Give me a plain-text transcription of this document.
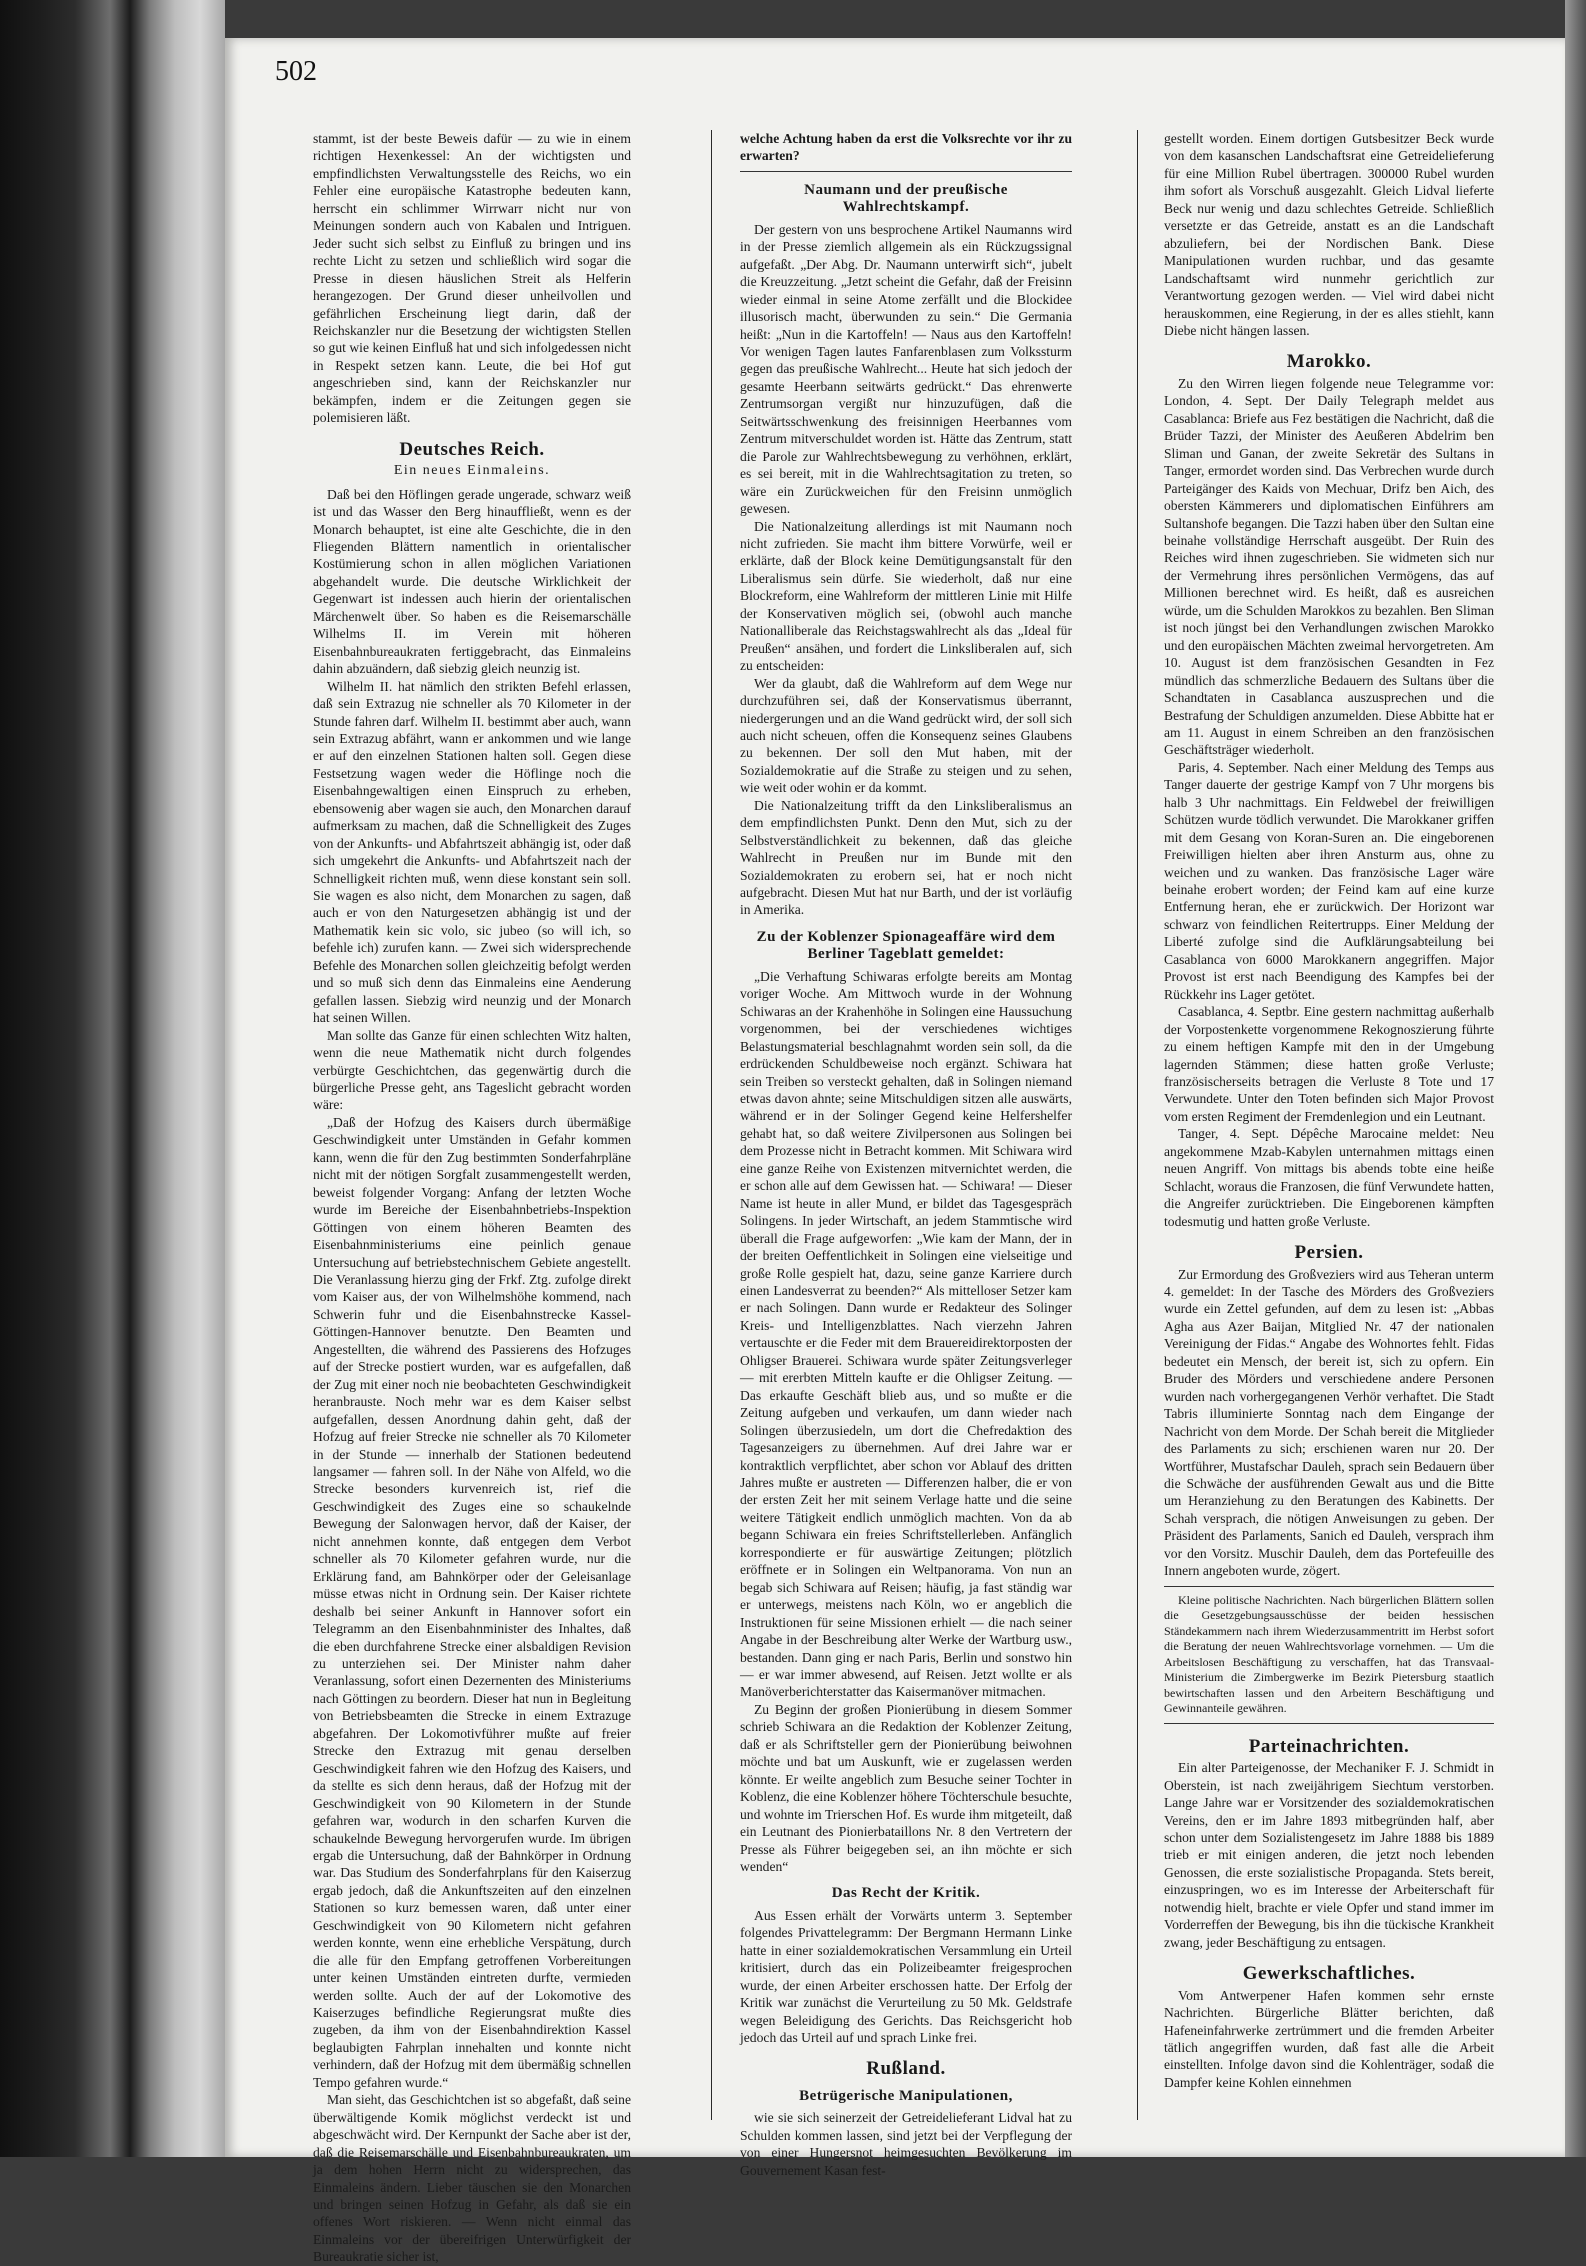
502

stammt, ist der beste Beweis dafür — zu wie in einem richtigen Hexenkessel: An der wichtigsten und empfindlichsten Verwaltungsstelle des Reichs, wo ein Fehler eine europäische Katastrophe bedeuten kann, herrscht ein schlimmer Wirrwarr nicht nur von Meinungen sondern auch von Kabalen und Intriguen. Jeder sucht sich selbst zu Einfluß zu bringen und ins rechte Licht zu setzen und schließlich wird sogar die Presse in diesen häuslichen Streit als Helferin herangezogen. Der Grund dieser unheilvollen und gefährlichen Erscheinung liegt darin, daß der Reichskanzler nur die Besetzung der wichtigsten Stellen so gut wie keinen Einfluß hat und sich infolgedessen nicht in Respekt setzen kann. Leute, die bei Hof gut angeschrieben sind, kann der Reichskanzler nur bekämpfen, indem er die Zeitungen gegen sie polemisieren läßt.

Deutsches Reich.
Ein neues Einmaleins.

Daß bei den Höflingen gerade ungerade, schwarz weiß ist und das Wasser den Berg hinauffließt, wenn es der Monarch behauptet, ist eine alte Geschichte, die in den Fliegenden Blättern namentlich in orientalischer Kostümierung schon in allen möglichen Variationen abgehandelt wurde. Die deutsche Wirklichkeit der Gegenwart ist indessen auch hierin der orientalischen Märchenwelt über. So haben es die Reisemarschälle Wilhelms II. im Verein mit höheren Eisenbahnbureaukraten fertiggebracht, das Einmaleins dahin abzuändern, daß siebzig gleich neunzig ist.

Wilhelm II. hat nämlich den strikten Befehl erlassen, daß sein Extrazug nie schneller als 70 Kilometer in der Stunde fahren darf. Wilhelm II. bestimmt aber auch, wann sein Extrazug abfährt, wann er ankommen und wie lange er auf den einzelnen Stationen halten soll. Gegen diese Festsetzung wagen weder die Höflinge noch die Eisenbahngewaltigen einen Einspruch zu erheben, ebensowenig aber wagen sie auch, den Monarchen darauf aufmerksam zu machen, daß die Schnelligkeit des Zuges von der Ankunfts- und Abfahrtszeit abhängig ist, oder daß sich umgekehrt die Ankunfts- und Abfahrtszeit nach der Schnelligkeit richten muß, wenn diese konstant sein soll. Sie wagen es also nicht, dem Monarchen zu sagen, daß auch er von den Naturgesetzen abhängig ist und der Mathematik kein sic volo, sic jubeo (so will ich, so befehle ich) zurufen kann. — Zwei sich widersprechende Befehle des Monarchen sollen gleichzeitig befolgt werden und so muß sich denn das Einmaleins eine Aenderung gefallen lassen. Siebzig wird neunzig und der Monarch hat seinen Willen.

Man sollte das Ganze für einen schlechten Witz halten, wenn die neue Mathematik nicht durch folgendes verbürgte Geschichtchen, das gegenwärtig durch die bürgerliche Presse geht, ans Tageslicht gebracht worden wäre:

„Daß der Hofzug des Kaisers durch übermäßige Geschwindigkeit unter Umständen in Gefahr kommen kann, wenn die für den Zug bestimmten Sonderfahrpläne nicht mit der nötigen Sorgfalt zusammengestellt werden, beweist folgender Vorgang: Anfang der letzten Woche wurde im Bereiche der Eisenbahnbetriebs-Inspektion Göttingen von einem höheren Beamten des Eisenbahnministeriums eine peinlich genaue Untersuchung auf betriebstechnischem Gebiete angestellt. Die Veranlassung hierzu ging der Frkf. Ztg. zufolge direkt vom Kaiser aus, der von Wilhelmshöhe kommend, nach Schwerin fuhr und die Eisenbahnstrecke Kassel-Göttingen-Hannover benutzte. Den Beamten und Angestellten, die während des Passierens des Hofzuges auf der Strecke postiert wurden, war es aufgefallen, daß der Zug mit einer noch nie beobachteten Geschwindigkeit heranbrauste. Noch mehr war es dem Kaiser selbst aufgefallen, dessen Anordnung dahin geht, daß der Hofzug auf freier Strecke nie schneller als 70 Kilometer in der Stunde — innerhalb der Stationen bedeutend langsamer — fahren soll. In der Nähe von Alfeld, wo die Strecke besonders kurvenreich ist, rief die Geschwindigkeit des Zuges eine so schaukelnde Bewegung der Salonwagen hervor, daß der Kaiser, der nicht annehmen konnte, daß entgegen dem Verbot schneller als 70 Kilometer gefahren wurde, nur die Erklärung fand, am Bahnkörper oder der Geleisanlage müsse etwas nicht in Ordnung sein. Der Kaiser richtete deshalb bei seiner Ankunft in Hannover sofort ein Telegramm an den Eisenbahnminister des Inhaltes, daß die eben durchfahrene Strecke einer alsbaldigen Revision zu unterziehen sei. Der Minister nahm daher Veranlassung, sofort einen Dezernenten des Ministeriums nach Göttingen zu beordern. Dieser hat nun in Begleitung von Betriebsbeamten die Strecke in einem Extrazuge abgefahren. Der Lokomotivführer mußte auf freier Strecke den Extrazug mit genau derselben Geschwindigkeit fahren wie den Hofzug des Kaisers, und da stellte es sich denn heraus, daß der Hofzug mit der Geschwindigkeit von 90 Kilometern in der Stunde gefahren war, wodurch in den scharfen Kurven die schaukelnde Bewegung hervorgerufen wurde. Im übrigen ergab die Untersuchung, daß der Bahnkörper in Ordnung war. Das Studium des Sonderfahrplans für den Kaiserzug ergab jedoch, daß die Ankunftszeiten auf den einzelnen Stationen so kurz bemessen waren, daß unter einer Geschwindigkeit von 90 Kilometern nicht gefahren werden konnte, wenn eine erhebliche Verspätung, durch die alle für den Empfang getroffenen Vorbereitungen unter keinen Umständen eintreten durfte, vermieden werden sollte. Auch der auf der Lokomotive des Kaiserzuges befindliche Regierungsrat mußte dies zugeben, da ihm von der Eisenbahndirektion Kassel beglaubigten Fahrplan innehalten und konnte nicht verhindern, daß der Hofzug mit dem übermäßig schnellen Tempo gefahren wurde.“

Man sieht, das Geschichtchen ist so abgefaßt, daß seine überwältigende Komik möglichst verdeckt ist und abgeschwächt wird. Der Kernpunkt der Sache aber ist der, daß die Reisemarschälle und Eisenbahnbureaukraten, um ja dem hohen Herrn nicht zu widersprechen, das Einmaleins ändern. Lieber täuschen sie den Monarchen und bringen seinen Hofzug in Gefahr, als daß sie ein offenes Wort riskieren. — Wenn nicht einmal das Einmaleins vor der übereifrigen Unterwürfigkeit der Bureaukratie sicher ist,

welche Achtung haben da erst die Volksrechte vor ihr zu erwarten?

Naumann und der preußische Wahlrechtskampf.

Der gestern von uns besprochene Artikel Naumanns wird in der Presse ziemlich allgemein als ein Rückzugssignal aufgefaßt. „Der Abg. Dr. Naumann unterwirft sich“, jubelt die Kreuzzeitung. „Jetzt scheint die Gefahr, daß der Freisinn wieder einmal in seine Atome zerfällt und die Blockidee illusorisch macht, überwunden zu sein.“ Die Germania heißt: „Nun in die Kartoffeln! — Naus aus den Kartoffeln! Vor wenigen Tagen lautes Fanfarenblasen zum Volkssturm gegen das preußische Wahlrecht... Heute hat sich jedoch der gesamte Heerbann seitwärts gedrückt.“ Das ehrenwerte Zentrumsorgan vergißt nur hinzuzufügen, daß die Seitwärtsschwenkung des freisinnigen Heerbannes vom Zentrum mitverschuldet worden ist. Hätte das Zentrum, statt die Parole zur Wahlrechtsbewegung zu verhöhnen, erklärt, es sei bereit, mit in die Wahlrechtsagitation zu treten, so wäre ein Zurückweichen für den Freisinn unmöglich gewesen.

Die Nationalzeitung allerdings ist mit Naumann noch nicht zufrieden. Sie macht ihm bittere Vorwürfe, weil er erklärte, daß der Block keine Demütigungsanstalt für den Liberalismus sein dürfe. Sie wiederholt, daß nur eine Blockreform, eine Wahlreform der mittleren Linie mit Hilfe der Konservativen möglich sei, (obwohl auch manche Nationalliberale das Reichstagswahlrecht als das „Ideal für Preußen“ ansähen, und fordert die Linksliberalen auf, sich zu entscheiden:

Wer da glaubt, daß die Wahlreform auf dem Wege nur durchzuführen sei, daß der Konservatismus überrannt, niedergerungen und an die Wand gedrückt wird, der soll sich auch nicht scheuen, offen die Konsequenz seines Glaubens zu bekennen. Der soll den Mut haben, mit der Sozialdemokratie auf die Straße zu steigen und zu sehen, wie weit oder wohin er da kommt.

Die Nationalzeitung trifft da den Linksliberalismus an dem empfindlichsten Punkt. Denn den Mut, sich zu der Selbstverständlichkeit zu bekennen, daß das gleiche Wahlrecht in Preußen nur im Bunde mit den Sozialdemokraten zu erobern sei, hat er noch nicht aufgebracht. Diesen Mut hat nur Barth, und der ist vorläufig in Amerika.

Zu der Koblenzer Spionageaffäre wird dem Berliner Tageblatt gemeldet:

„Die Verhaftung Schiwaras erfolgte bereits am Montag voriger Woche. Am Mittwoch wurde in der Wohnung Schiwaras an der Krahenhöhe in Solingen eine Haussuchung vorgenommen, bei der verschiedenes wichtiges Belastungsmaterial beschlagnahmt worden sein soll, da die erdrückenden Schuldbeweise noch ergänzt. Schiwara hat sein Treiben so versteckt gehalten, daß in Solingen niemand etwas davon ahnte; seine Mitschuldigen sitzen alle auswärts, während er in der Solinger Gegend keine Helfershelfer gehabt hat, so daß weitere Zivilpersonen aus Solingen bei dem Prozesse nicht in Betracht kommen. Mit Schiwara wird eine ganze Reihe von Existenzen mitvernichtet werden, die er schon alle auf dem Gewissen hat. — Schiwara! — Dieser Name ist heute in aller Mund, er bildet das Tagesgespräch Solingens. In jeder Wirtschaft, an jedem Stammtische wird überall die Frage aufgeworfen: „Wie kam der Mann, der in der breiten Oeffentlichkeit in Solingen eine vielseitige und große Rolle gespielt hat, dazu, seine ganze Karriere durch einen Landesverrat zu beenden?“ Als mittelloser Setzer kam er nach Solingen. Dann wurde er Redakteur des Solinger Kreis- und Intelligenzblattes. Nach vierzehn Jahren vertauschte er die Feder mit dem Brauereidirektorposten der Ohligser Brauerei. Schiwara wurde später Zeitungsverleger — mit ererbten Mitteln kaufte er die Ohligser Zeitung. — Das erkaufte Geschäft blieb aus, und so mußte er die Zeitung aufgeben und verkaufen, um dann wieder nach Solingen überzusiedeln, um dort die Chefredaktion des Tagesanzeigers zu übernehmen. Auf drei Jahre war er kontraktlich verpflichtet, aber schon vor Ablauf des dritten Jahres mußte er austreten — Differenzen halber, die er von der ersten Zeit her mit seinem Verlage hatte und die seine weitere Tätigkeit endlich unmöglich machten. Von da ab begann Schiwara ein freies Schriftstellerleben. Anfänglich korrespondierte er für auswärtige Zeitungen; plötzlich eröffnete er in Solingen ein Weltpanorama. Von nun an begab sich Schiwara auf Reisen; häufig, ja fast ständig war er unterwegs, meistens nach Köln, wo er angeblich die Instruktionen für seine Missionen erhielt — die nach seiner Angabe in der Beschreibung alter Werke der Wartburg usw., bestanden. Dann ging er nach Paris, Berlin und sonstwo hin — er war immer abwesend, auf Reisen. Jetzt wollte er als Manöverberichterstatter das Kaisermanöver mitmachen.

Zu Beginn der großen Pionierübung in diesem Sommer schrieb Schiwara an die Redaktion der Koblenzer Zeitung, daß er als Schriftsteller gern der Pionierübung beiwohnen möchte und bat um Auskunft, wie er zugelassen werden könnte. Er weilte angeblich zum Besuche seiner Tochter in Koblenz, die eine Koblenzer höhere Töchterschule besuchte, und wohnte im Trierschen Hof. Es wurde ihm mitgeteilt, daß ein Leutnant des Pionierbataillons Nr. 8 den Vertretern der Presse als Führer beigegeben sei, an ihn möchte er sich wenden“

Das Recht der Kritik.

Aus Essen erhält der Vorwärts unterm 3. September folgendes Privattelegramm: Der Bergmann Hermann Linke hatte in einer sozialdemokratischen Versammlung ein Urteil kritisiert, durch das ein Polizeibeamter freigesprochen wurde, der einen Arbeiter erschossen hatte. Der Erfolg der Kritik war zunächst die Verurteilung zu 50 Mk. Geldstrafe wegen Beleidigung des Gerichts. Das Reichsgericht hob jedoch das Urteil auf und sprach Linke frei.

Rußland.
Betrügerische Manipulationen,

wie sie sich seinerzeit der Getreidelieferant Lidval hat zu Schulden kommen lassen, sind jetzt bei der Verpflegung der von einer Hungersnot heimgesuchten Bevölkerung im Gouvernement Kasan fest-

gestellt worden. Einem dortigen Gutsbesitzer Beck wurde von dem kasanschen Landschaftsrat eine Getreidelieferung für eine Million Rubel übertragen. 300000 Rubel wurden ihm sofort als Vorschuß ausgezahlt. Gleich Lidval lieferte Beck nur wenig und dazu schlechtes Getreide. Schließlich versetzte er das Getreide, anstatt es an die Landschaft abzuliefern, bei der Nordischen Bank. Diese Manipulationen wurden ruchbar, und das gesamte Landschaftsamt wird nunmehr gerichtlich zur Verantwortung gezogen werden. — Viel wird dabei nicht herauskommen, eine Regierung, in der es alles stiehlt, kann Diebe nicht hängen lassen.

Marokko.

Zu den Wirren liegen folgende neue Telegramme vor: London, 4. Sept. Der Daily Telegraph meldet aus Casablanca: Briefe aus Fez bestätigen die Nachricht, daß die Brüder Tazzi, der Minister des Aeußeren Abdelrim ben Sliman und Ganan, der zweite Sekretär des Sultans in Tanger, ermordet worden sind. Das Verbrechen wurde durch Parteigänger des Kaids von Mechuar, Drifz ben Aich, des obersten Kämmerers und diplomatischen Einführers am Sultanshofe begangen. Die Tazzi haben über den Sultan eine beinahe vollständige Herrschaft ausgeübt. Der Ruin des Reiches wird ihnen zugeschrieben. Sie widmeten sich nur der Vermehrung ihres persönlichen Vermögens, das auf Millionen berechnet wird. Es heißt, daß es ausreichen würde, um die Schulden Marokkos zu bezahlen. Ben Sliman ist noch jüngst bei den Verhandlungen zwischen Marokko und den europäischen Mächten zweimal hervorgetreten. Am 10. August ist dem französischen Gesandten in Fez mündlich das schmerzliche Bedauern des Sultans über die Schandtaten in Casablanca auszusprechen und die Bestrafung der Schuldigen anzumelden. Diese Abbitte hat er am 11. August in einem Schreiben an den französischen Geschäftsträger wiederholt.

Paris, 4. September. Nach einer Meldung des Temps aus Tanger dauerte der gestrige Kampf von 7 Uhr morgens bis halb 3 Uhr nachmittags. Ein Feldwebel der freiwilligen Schützen wurde tödlich verwundet. Die Marokkaner griffen mit dem Gesang von Koran-Suren an. Die eingeborenen Freiwilligen hielten aber ihren Ansturm aus, ohne zu weichen und zu wanken. Das französische Lager wäre beinahe erobert worden; der Feind kam auf eine kurze Entfernung heran, ehe er zurückwich. Der Horizont war schwarz von feindlichen Reitertrupps. Einer Meldung der Liberté zufolge sind die Aufklärungsabteilung bei Casablanca von 6000 Marokkanern angegriffen. Major Provost ist erst nach Beendigung des Kampfes bei der Rückkehr ins Lager getötet.

Casablanca, 4. Septbr. Eine gestern nachmittag außerhalb der Vorpostenkette vorgenommene Rekognoszierung führte zu einem heftigen Kampfe mit den in der Umgebung lagernden Stämmen; diese hatten große Verluste; französischerseits betragen die Verluste 8 Tote und 17 Verwundete. Unter den Toten befinden sich Major Provost vom ersten Regiment der Fremdenlegion und ein Leutnant.

Tanger, 4. Sept. Dépêche Marocaine meldet: Neu angekommene Mzab-Kabylen unternahmen mittags einen neuen Angriff. Von mittags bis abends tobte eine heiße Schlacht, woraus die Franzosen, die fünf Verwundete hatten, die Angreifer zurücktrieben. Die Eingeborenen kämpften todesmutig und hatten große Verluste.

Persien.

Zur Ermordung des Großveziers wird aus Teheran unterm 4. gemeldet: In der Tasche des Mörders des Großveziers wurde ein Zettel gefunden, auf dem zu lesen ist: „Abbas Agha aus Azer Baijan, Mitglied Nr. 47 der nationalen Vereinigung der Fidas.“ Angabe des Wohnortes fehlt. Fidas bedeutet ein Mensch, der bereit ist, sich zu opfern. Ein Bruder des Mörders und verschiedene andere Personen wurden nach vorhergegangenen Verhör verhaftet. Die Stadt Tabris illuminierte Sonntag nach dem Eingange der Nachricht von dem Morde. Der Schah bereit die Mitglieder des Parlaments zu sich; erschienen waren nur 20. Der Wortführer, Mustafschar Dauleh, sprach sein Bedauern über die Schwäche der ausführenden Gewalt aus und die Bitte um Heranziehung zu den Beratungen des Kabinetts. Der Schah versprach, die nötigen Anweisungen zu geben. Der Präsident des Parlaments, Sanich ed Dauleh, versprach ihm vor den Vorsitz. Muschir Dauleh, dem das Portefeuille des Innern angeboten wurde, zögert.

Kleine politische Nachrichten. Nach bürgerlichen Blättern sollen die Gesetzgebungsausschüsse der beiden hessischen Ständekammern nach ihrem Wiederzusammentritt im Herbst sofort die Beratung der neuen Wahlrechtsvorlage vornehmen. — Um die Arbeitslosen Beschäftigung zu verschaffen, hat das Transvaal-Ministerium die Zimbergwerke im Bezirk Pietersburg staatlich bewirtschaften lassen und den Arbeitern Beschäftigung und Gewinnanteile gewähren.

Parteinachrichten.

Ein alter Parteigenosse, der Mechaniker F. J. Schmidt in Oberstein, ist nach zweijährigem Siechtum verstorben. Lange Jahre war er Vorsitzender des sozialdemokratischen Vereins, den er im Jahre 1893 mitbegründen half, aber schon unter dem Sozialistengesetz im Jahre 1888 bis 1889 trieb er mit einigen anderen, die jetzt noch lebenden Genossen, die erste sozialistische Propaganda. Stets bereit, einzuspringen, wo es im Interesse der Arbeiterschaft für notwendig hielt, brachte er viele Opfer und stand immer im Vorderreffen der Bewegung, bis ihn die tückische Krankheit zwang, jeder Beschäftigung zu entsagen.

Gewerkschaftliches.

Vom Antwerpener Hafen kommen sehr ernste Nachrichten. Bürgerliche Blätter berichten, daß Hafeneinfahrwerke zertrümmert und die fremden Arbeiter tätlich angegriffen wurden, daß fast alle die Arbeit einstellten. Infolge davon sind die Kohlenträger, sodaß die Dampfer keine Kohlen einnehmen
